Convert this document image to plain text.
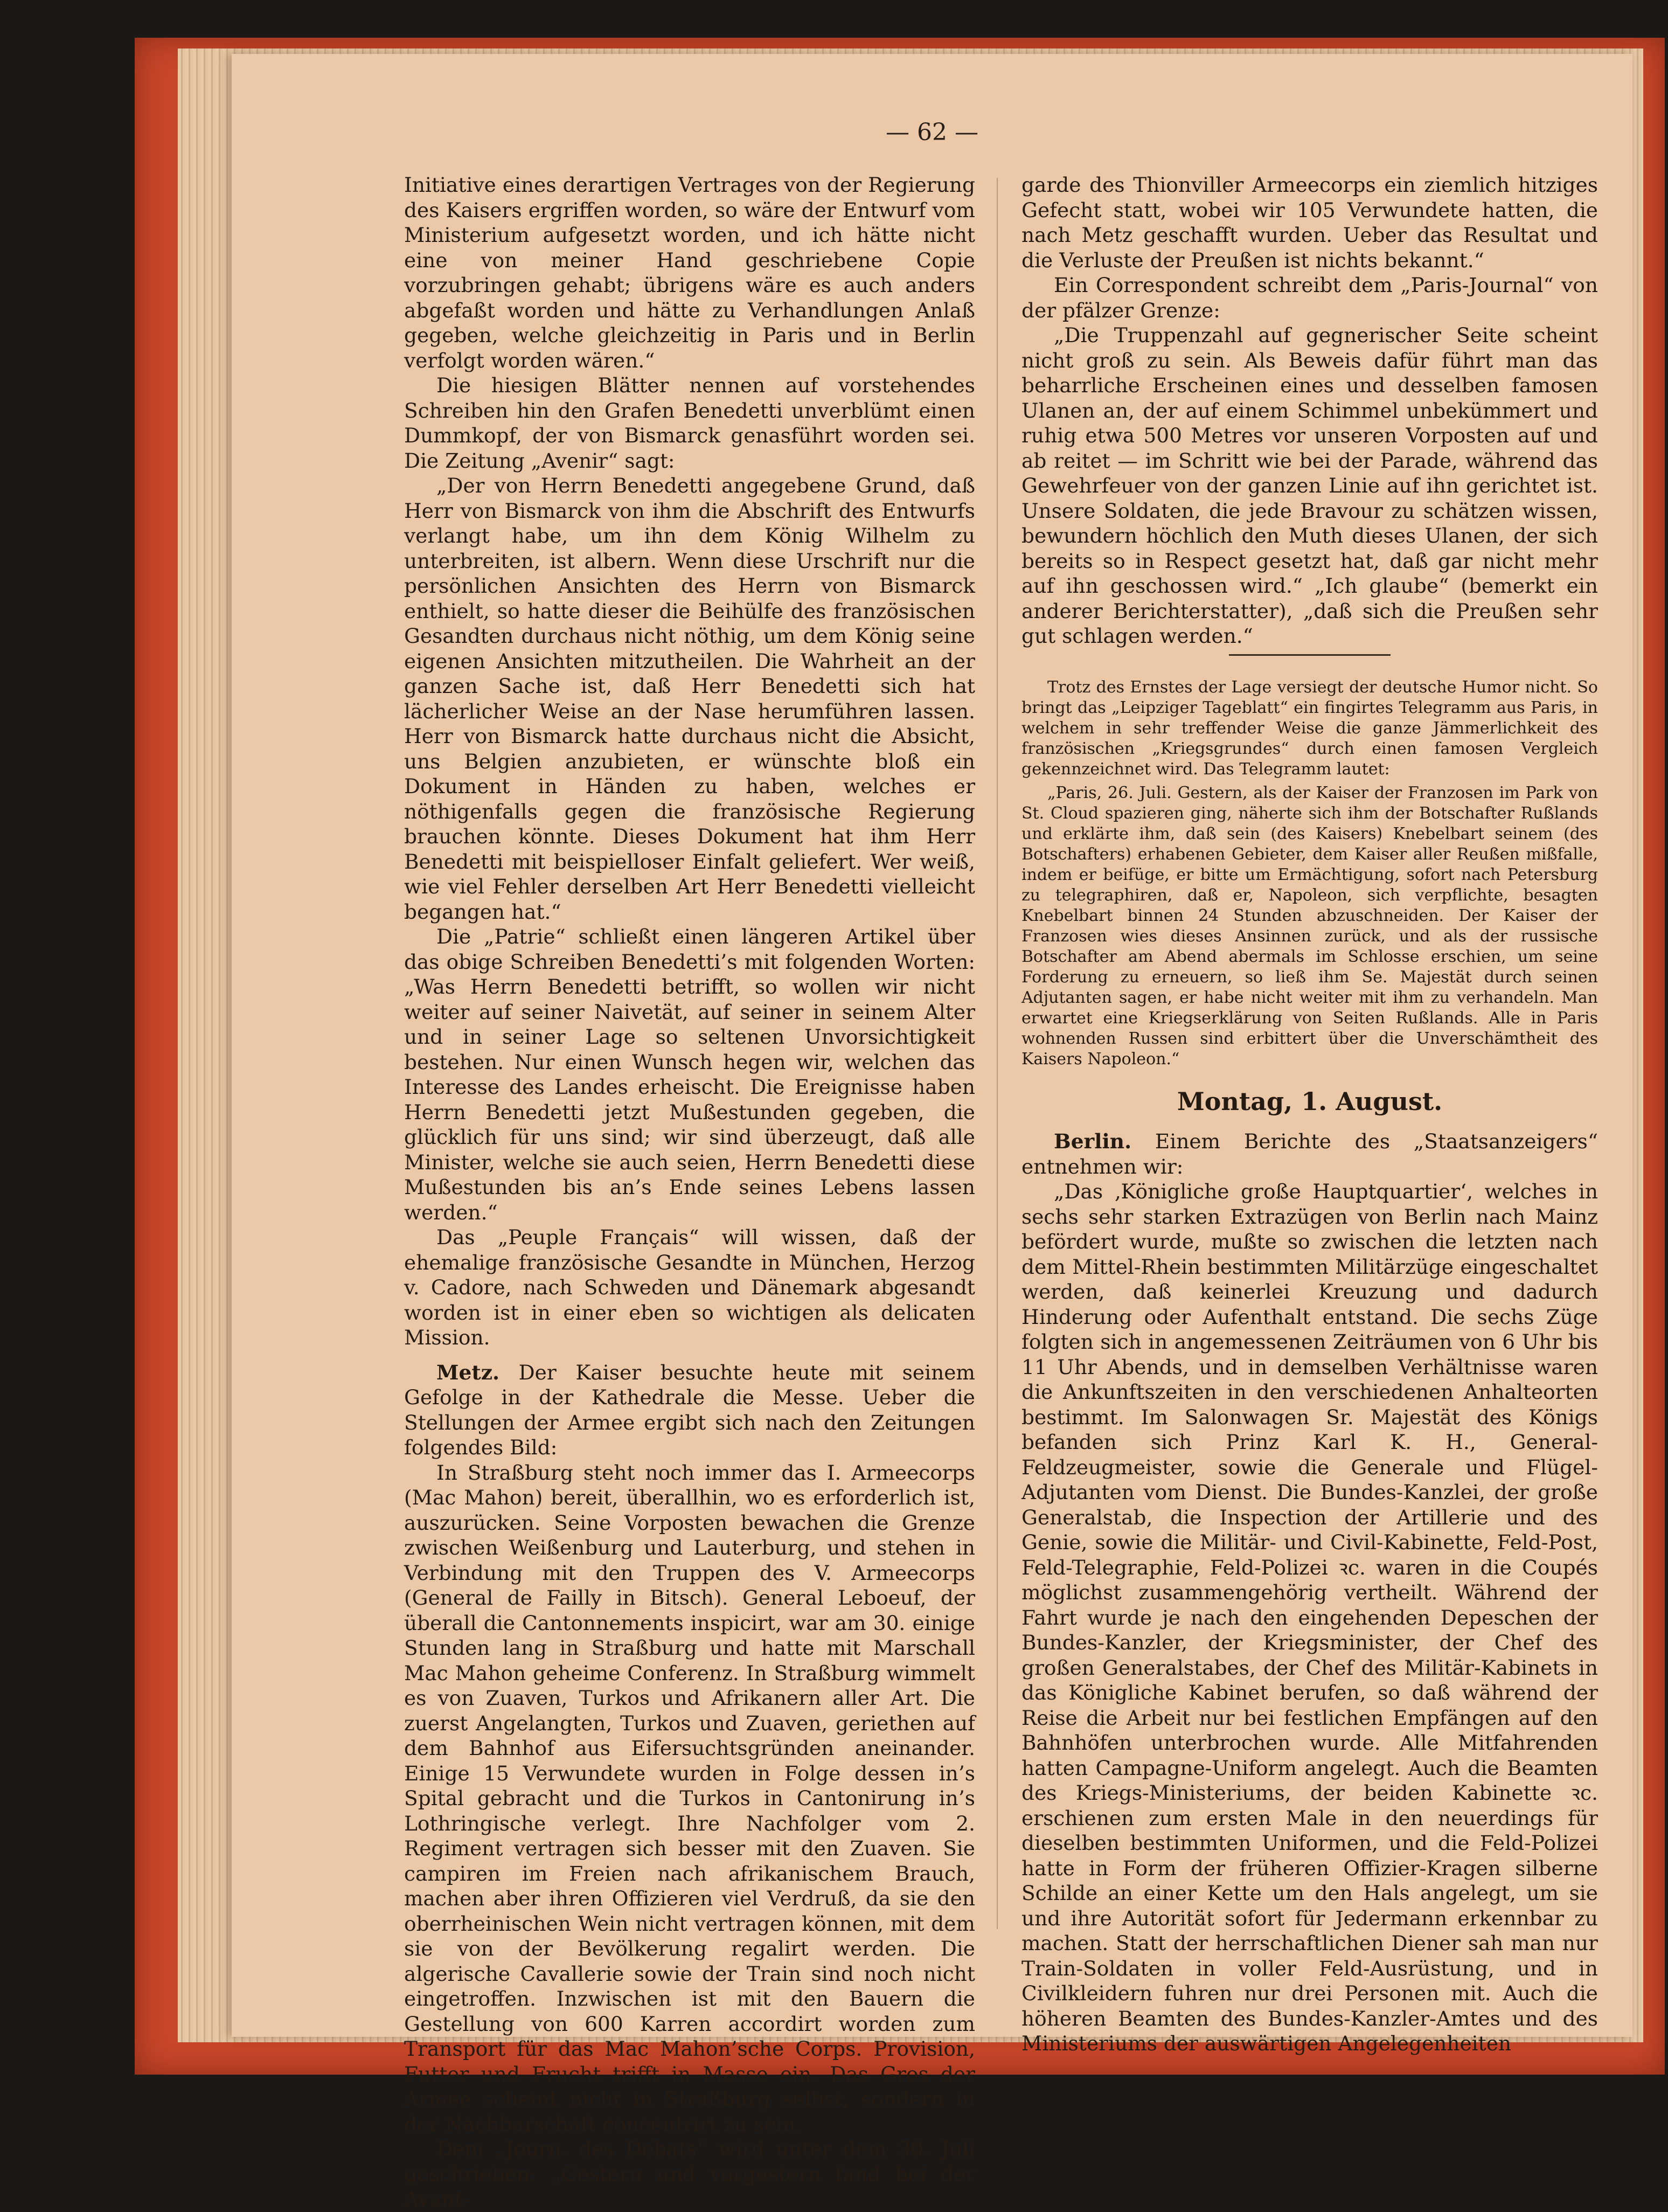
— 62 —

Initiative eines derartigen Vertrages von der Regierung des Kaisers ergriffen worden, so wäre der Entwurf vom Ministerium aufgesetzt worden, und ich hätte nicht eine von meiner Hand geschriebene Copie vorzubringen gehabt; übrigens wäre es auch anders abgefaßt worden und hätte zu Verhandlungen Anlaß gegeben, welche gleichzeitig in Paris und in Berlin verfolgt worden wären.“

Die hiesigen Blätter nennen auf vorstehendes Schreiben hin den Grafen Benedetti unverblümt einen Dummkopf, der von Bismarck genasführt worden sei. Die Zeitung „Avenir“ sagt:

„Der von Herrn Benedetti angegebene Grund, daß Herr von Bismarck von ihm die Abschrift des Entwurfs verlangt habe, um ihn dem König Wilhelm zu unterbreiten, ist albern. Wenn diese Urschrift nur die persönlichen Ansichten des Herrn von Bismarck enthielt, so hatte dieser die Beihülfe des französischen Gesandten durchaus nicht nöthig, um dem König seine eigenen Ansichten mitzutheilen. Die Wahrheit an der ganzen Sache ist, daß Herr Benedetti sich hat lächerlicher Weise an der Nase herumführen lassen. Herr von Bismarck hatte durchaus nicht die Absicht, uns Belgien anzubieten, er wünschte bloß ein Dokument in Händen zu haben, welches er nöthigenfalls gegen die französische Regierung brauchen könnte. Dieses Dokument hat ihm Herr Benedetti mit beispielloser Einfalt geliefert. Wer weiß, wie viel Fehler derselben Art Herr Benedetti vielleicht begangen hat.“

Die „Patrie“ schließt einen längeren Artikel über das obige Schreiben Benedetti’s mit folgenden Worten: „Was Herrn Benedetti betrifft, so wollen wir nicht weiter auf seiner Naivetät, auf seiner in seinem Alter und in seiner Lage so seltenen Unvorsichtigkeit bestehen. Nur einen Wunsch hegen wir, welchen das Interesse des Landes erheischt. Die Ereignisse haben Herrn Benedetti jetzt Mußestunden gegeben, die glücklich für uns sind; wir sind überzeugt, daß alle Minister, welche sie auch seien, Herrn Benedetti diese Mußestunden bis an’s Ende seines Lebens lassen werden.“

Das „Peuple Français“ will wissen, daß der ehemalige französische Gesandte in München, Herzog v. Cadore, nach Schweden und Dänemark abgesandt worden ist in einer eben so wichtigen als delicaten Mission.

Metz. Der Kaiser besuchte heute mit seinem Gefolge in der Kathedrale die Messe. Ueber die Stellungen der Armee ergibt sich nach den Zeitungen folgendes Bild:

In Straßburg steht noch immer das I. Armeecorps (Mac Mahon) bereit, überallhin, wo es erforderlich ist, auszurücken. Seine Vorposten bewachen die Grenze zwischen Weißenburg und Lauterburg, und stehen in Verbindung mit den Truppen des V. Armeecorps (General de Failly in Bitsch). General Leboeuf, der überall die Cantonnements inspicirt, war am 30. einige Stunden lang in Straßburg und hatte mit Marschall Mac Mahon geheime Conferenz. In Straßburg wimmelt es von Zuaven, Turkos und Afrikanern aller Art. Die zuerst Angelangten, Turkos und Zuaven, geriethen auf dem Bahnhof aus Eifersuchtsgründen aneinander. Einige 15 Verwundete wurden in Folge dessen in’s Spital gebracht und die Turkos in Cantonirung in’s Lothringische verlegt. Ihre Nachfolger vom 2. Regiment vertragen sich besser mit den Zuaven. Sie campiren im Freien nach afrikanischem Brauch, machen aber ihren Offizieren viel Verdruß, da sie den oberrheinischen Wein nicht vertragen können, mit dem sie von der Bevölkerung regalirt werden. Die algerische Cavallerie sowie der Train sind noch nicht eingetroffen. Inzwischen ist mit den Bauern die Gestellung von 600 Karren accordirt worden zum Transport für das Mac Mahon’sche Corps. Provision, Futter und Frucht trifft in Masse ein. Das Gros der Armee scheint nicht in Straßburg selbst, sondern in der Nachbarschaft concentrirt zu sein.

Dem „Journ. des Debats“ wird unter dem 30. Juli geschrieben: „Gestern und vorgestern fand bei der Avant-

garde des Thionviller Armeecorps ein ziemlich hitziges Gefecht statt, wobei wir 105 Verwundete hatten, die nach Metz geschafft wurden. Ueber das Resultat und die Verluste der Preußen ist nichts bekannt.“

Ein Correspondent schreibt dem „Paris-Journal“ von der pfälzer Grenze:

„Die Truppenzahl auf gegnerischer Seite scheint nicht groß zu sein. Als Beweis dafür führt man das beharrliche Erscheinen eines und desselben famosen Ulanen an, der auf einem Schimmel unbekümmert und ruhig etwa 500 Metres vor unseren Vorposten auf und ab reitet — im Schritt wie bei der Parade, während das Gewehrfeuer von der ganzen Linie auf ihn gerichtet ist. Unsere Soldaten, die jede Bravour zu schätzen wissen, bewundern höchlich den Muth dieses Ulanen, der sich bereits so in Respect gesetzt hat, daß gar nicht mehr auf ihn geschossen wird.“ „Ich glaube“ (bemerkt ein anderer Berichterstatter), „daß sich die Preußen sehr gut schlagen werden.“

Trotz des Ernstes der Lage versiegt der deutsche Humor nicht. So bringt das „Leipziger Tageblatt“ ein fingirtes Telegramm aus Paris, in welchem in sehr treffender Weise die ganze Jämmerlichkeit des französischen „Kriegsgrundes“ durch einen famosen Vergleich gekennzeichnet wird. Das Telegramm lautet:

„Paris, 26. Juli. Gestern, als der Kaiser der Franzosen im Park von St. Cloud spazieren ging, näherte sich ihm der Botschafter Rußlands und erklärte ihm, daß sein (des Kaisers) Knebelbart seinem (des Botschafters) erhabenen Gebieter, dem Kaiser aller Reußen mißfalle, indem er beifüge, er bitte um Ermächtigung, sofort nach Petersburg zu telegraphiren, daß er, Napoleon, sich verpflichte, besagten Knebelbart binnen 24 Stunden abzuschneiden. Der Kaiser der Franzosen wies dieses Ansinnen zurück, und als der russische Botschafter am Abend abermals im Schlosse erschien, um seine Forderung zu erneuern, so ließ ihm Se. Majestät durch seinen Adjutanten sagen, er habe nicht weiter mit ihm zu verhandeln. Man erwartet eine Kriegserklärung von Seiten Rußlands. Alle in Paris wohnenden Russen sind erbittert über die Unverschämtheit des Kaisers Napoleon.“

Montag, 1. August.

Berlin. Einem Berichte des „Staatsanzeigers“ entnehmen wir:

„Das ‚Königliche große Hauptquartier‘, welches in sechs sehr starken Extrazügen von Berlin nach Mainz befördert wurde, mußte so zwischen die letzten nach dem Mittel-Rhein bestimmten Militärzüge eingeschaltet werden, daß keinerlei Kreuzung und dadurch Hinderung oder Aufenthalt entstand. Die sechs Züge folgten sich in angemessenen Zeiträumen von 6 Uhr bis 11 Uhr Abends, und in demselben Verhältnisse waren die Ankunftszeiten in den verschiedenen Anhalteorten bestimmt. Im Salonwagen Sr. Majestät des Königs befanden sich Prinz Karl K. H., General-Feldzeugmeister, sowie die Generale und Flügel-Adjutanten vom Dienst. Die Bundes-Kanzlei, der große Generalstab, die Inspection der Artillerie und des Genie, sowie die Militär- und Civil-Kabinette, Feld-Post, Feld-Telegraphie, Feld-Polizei ꝛc. waren in die Coupés möglichst zusammengehörig vertheilt. Während der Fahrt wurde je nach den eingehenden Depeschen der Bundes-Kanzler, der Kriegsminister, der Chef des großen Generalstabes, der Chef des Militär-Kabinets in das Königliche Kabinet berufen, so daß während der Reise die Arbeit nur bei festlichen Empfängen auf den Bahnhöfen unterbrochen wurde. Alle Mitfahrenden hatten Campagne-Uniform angelegt. Auch die Beamten des Kriegs-Ministeriums, der beiden Kabinette ꝛc. erschienen zum ersten Male in den neuerdings für dieselben bestimmten Uniformen, und die Feld-Polizei hatte in Form der früheren Offizier-Kragen silberne Schilde an einer Kette um den Hals angelegt, um sie und ihre Autorität sofort für Jedermann erkennbar zu machen. Statt der herrschaftlichen Diener sah man nur Train-Soldaten in voller Feld-Ausrüstung, und in Civilkleidern fuhren nur drei Personen mit. Auch die höheren Beamten des Bundes-Kanzler-Amtes und des Ministeriums der auswärtigen Angelegenheiten
